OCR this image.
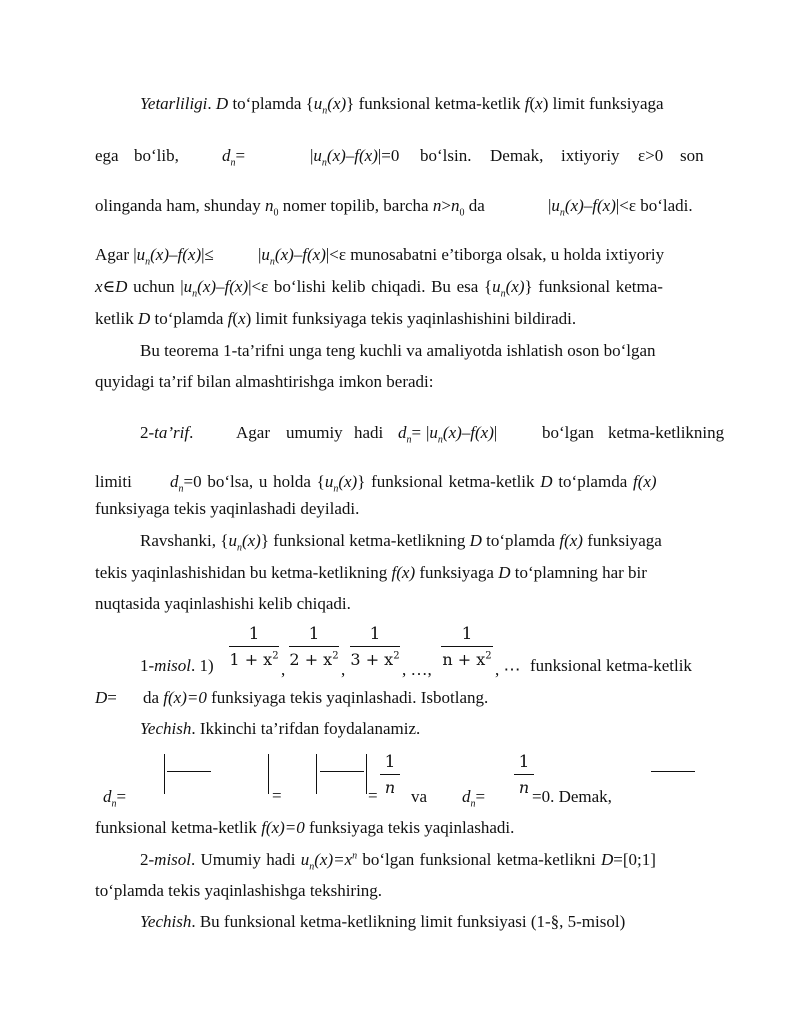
Yetarliligi. D to‘plamda $\{u_n(x)\}$ funksional ketma-ketlik f(x) limit funksiyaga
ega bo‘lib,	$d_n=$	$|u_n(x)-f(x)|=0$ bo‘lsin. Demak, ixtiyoriy ε>0 son
olinganda ham, shunday $n_0$ nomer topilib, barcha $n>n_0$ da	$|u_n(x)-f(x)|<\varepsilon$ bo‘ladi.
Agar $|u_n(x)-f(x)|\le$	$|u_n(x)-f(x)|<\varepsilon$ munosabatni e’tiborga olsak, u holda ixtiyoriy
x∈D uchun $|u_n(x)-f(x)|<\varepsilon$ bo‘lishi kelib chiqadi. Bu esa $\{u_n(x)\}$ funksional ketma-
ketlik D to‘plamda f(x) limit funksiyaga tekis yaqinlashishini bildiradi.
Bu teorema 1-ta’rifni unga teng kuchli va amaliyotda ishlatish oson bo‘lgan
quyidagi ta’rif bilan almashtirishga imkon beradi:
2-ta’rif.	Agar umumiy hadi $d_n= |u_n(x)-f(x)|$	bo‘lgan ketma-ketlikning
limiti $d_n=0$ bo‘lsa, u holda $\{u_n(x)\}$ funksional ketma-ketlik D to‘plamda f(x)
funksiyaga tekis yaqinlashadi deyiladi.
Ravshanki, $\{u_n(x)\}$ funksional ketma-ketlikning D to‘plamda f(x) funksiyaga
tekis yaqinlashishidan bu ketma-ketlikning f(x) funksiyaga D to‘plamning har bir
nuqtasida yaqinlashishi kelib chiqadi.
1-misol. $1) \frac{1}{1 + x^2}$
,
$\frac{1}{2 + x^2}$
,
$\frac{1}{3 + x^2}$
, …,
$\frac{1}{n + x^2}$
, ⋯ funksional ketma-ketlik
D= da f(x)=0 funksiyaga tekis yaqinlashadi. Isbotlang.
Yechish. Ikkinchi ta’rifdan foydalanamiz.
$d_n=$	=	= $\frac{1}{n}$ va $d_n= \frac{1}{n}$
=0. Demak,
funksional ketma-ketlik f(x)=0 funksiyaga tekis yaqinlashadi.
2-misol. Umumiy hadi $u_n(x)=x^n$ bo‘lgan funksional ketma-ketlikni D=[0;1]
to‘plamda tekis yaqinlashishga tekshiring.
Yechish. Bu funksional ketma-ketlikning limit funksiyasi (1-§, 5-misol)
